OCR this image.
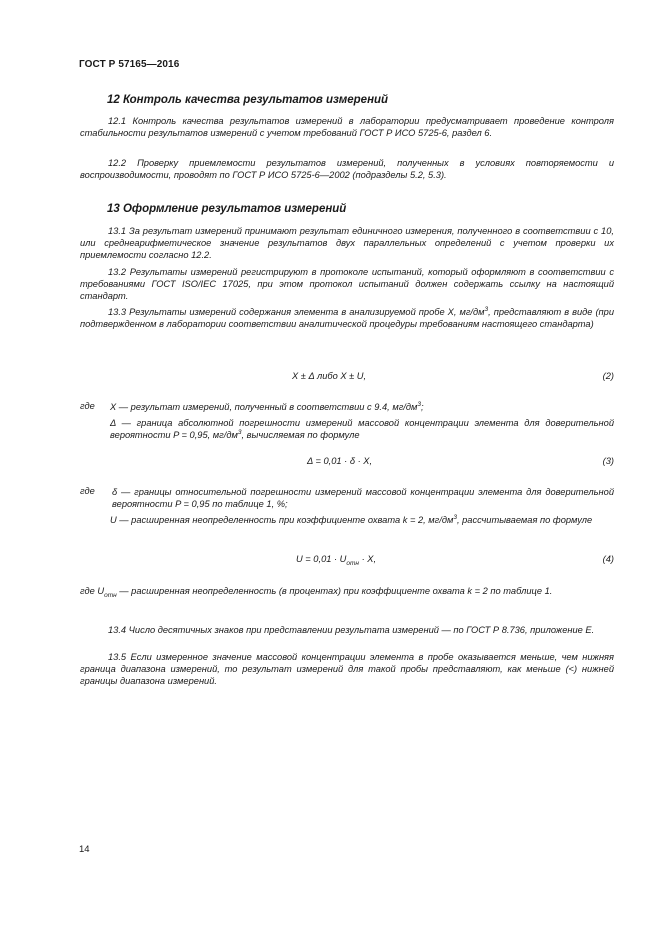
ГОСТ Р 57165—2016
12 Контроль качества результатов измерений

12.1 Контроль качества результатов измерений в лаборатории предусматривает проведение контроля стабильности результатов измерений с учетом требований ГОСТ Р ИСО 5725-6, раздел 6.

12.2 Проверку приемлемости результатов измерений, полученных в условиях повторяемости и воспроизводимости, проводят по ГОСТ Р ИСО 5725-6—2002 (подразделы 5.2, 5.3).

13 Оформление результатов измерений

13.1 За результат измерений принимают результат единичного измерения, полученного в соответствии с 10, или среднеарифметическое значение результатов двух параллельных определений с учетом проверки их приемлемости согласно 12.2.

13.2 Результаты измерений регистрируют в протоколе испытаний, который оформляют в соответствии с требованиями ГОСТ ISO/IEC 17025, при этом протокол испытаний должен содержать ссылку на настоящий стандарт.

13.3 Результаты измерений содержания элемента в анализируемой пробе X, $мг/дм^3$, представляют в виде (при подтвержденном в лаборатории соответствии аналитической процедуры требованиям настоящего стандарта)

X ± Δ либо X ± U,	(2)
где X — результат измерений, полученный в соответствии с 9.4, $мг/дм^3$;
Δ — граница абсолютной погрешности измерений массовой концентрации элемента для доверительной вероятности P = 0,95, $мг/дм^3$, вычисляемая по формуле
Δ = 0,01 · δ · X,	(3)
где δ — границы относительной погрешности измерений массовой концентрации элемента для доверительной вероятности P = 0,95 по таблице 1, %;
U — расширенная неопределенность при коэффициенте охвата k = 2, $мг/дм^3$, рассчитываемая по формуле
$U = 0,01 \cdot U_{отн} \cdot X$,	(4)
где $U_{отн}$ — расширенная неопределенность (в процентах) при коэффициенте охвата k = 2 по таблице 1.

13.4 Число десятичных знаков при представлении результата измерений — по ГОСТ Р 8.736, приложение Е.

13.5 Если измеренное значение массовой концентрации элемента в пробе оказывается меньше, чем нижняя граница диапазона измерений, то результат измерений для такой пробы представляют, как меньше (<) нижней границы диапазона измерений.

14
